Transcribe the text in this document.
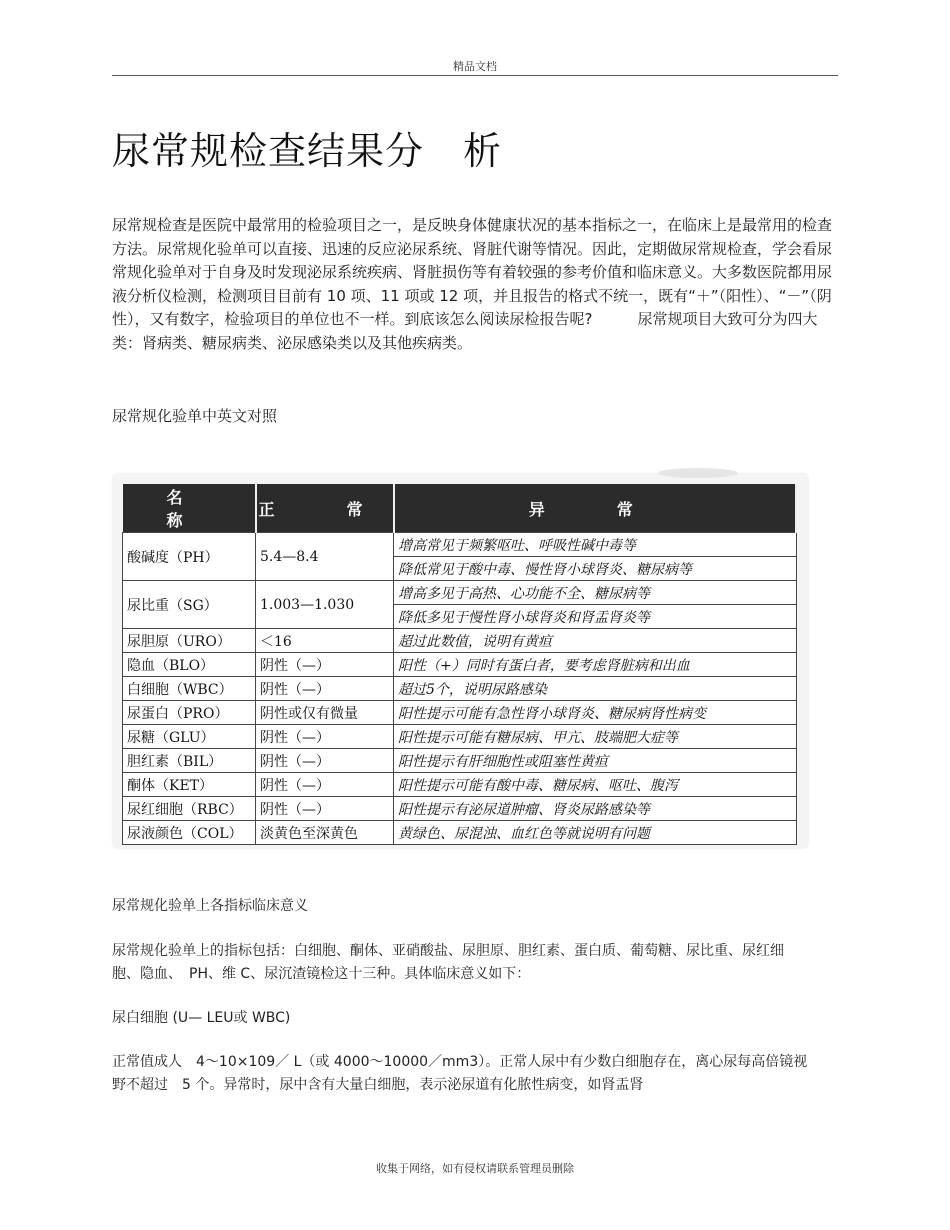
精品文档
尿常规检查结果分　析
尿常规检查是医院中最常用的检验项目之一，是反映身体健康状况的基本指标之一，在临床上是最常用的检查方法。尿常规化验单可以直接、迅速的反应泌尿系统、肾脏代谢等情况。因此，定期做尿常规检查，学会看尿常规化验单对于自身及时发现泌尿系统疾病、肾脏损伤等有着较强的参考价值和临床意义。大多数医院都用尿液分析仪检测，检测项目目前有 10 项、11 项或 12 项，并且报告的格式不统一，既有“＋”（阳性）、“－”（阴性），又有数字，检验项目的单位也不一样。到底该怎么阅读尿检报告呢?　　　尿常规项目大致可分为四大类：肾病类、糖尿病类、泌尿感染类以及其他疾病类。
尿常规化验单中英文对照
名　称	正　常	异　常
酸碱度（PH）	5.4—8.4	增高常见于频繁呕吐、呼吸性碱中毒等
		降低常见于酸中毒、慢性肾小球肾炎、糖尿病等
尿比重（SG）	1.003—1.030	增高多见于高热、心功能不全、糖尿病等
		降低多见于慢性肾小球肾炎和肾盂肾炎等
尿胆原（URO）	＜16	超过此数值，说明有黄疸
隐血（BLO）	阴性（—）	阳性（+）同时有蛋白者，要考虑肾脏病和出血
白细胞（WBC）	阴性（—）	超过5个，说明尿路感染
尿蛋白（PRO）	阴性或仅有微量	阳性提示可能有急性肾小球肾炎、糖尿病肾性病变
尿糖（GLU）	阴性（—）	阳性提示可能有糖尿病、甲亢、肢端肥大症等
胆红素（BIL）	阴性（—）	阳性提示有肝细胞性或阻塞性黄疸
酮体（KET）	阴性（—）	阳性提示可能有酸中毒、糖尿病、呕吐、腹泻
尿红细胞（RBC）	阴性（—）	阳性提示有泌尿道肿瘤、肾炎尿路感染等
尿液颜色（COL）	淡黄色至深黄色	黄绿色、尿混浊、血红色等就说明有问题
尿常规化验单上各指标临床意义
尿常规化验单上的指标包括：白细胞、酮体、亚硝酸盐、尿胆原、胆红素、蛋白质、葡萄糖、尿比重、尿红细胞、隐血、　PH、维 C、尿沉渣镜检这十三种。具体临床意义如下：
尿白细胞 (U— LEU或 WBC)
正常值成人　4～10×109／ L（或 4000～10000／mm3）。正常人尿中有少数白细胞存在，离心尿每高倍镜视野不超过　5 个。异常时，尿中含有大量白细胞，表示泌尿道有化脓性病变，如肾盂肾
收集于网络，如有侵权请联系管理员删除
